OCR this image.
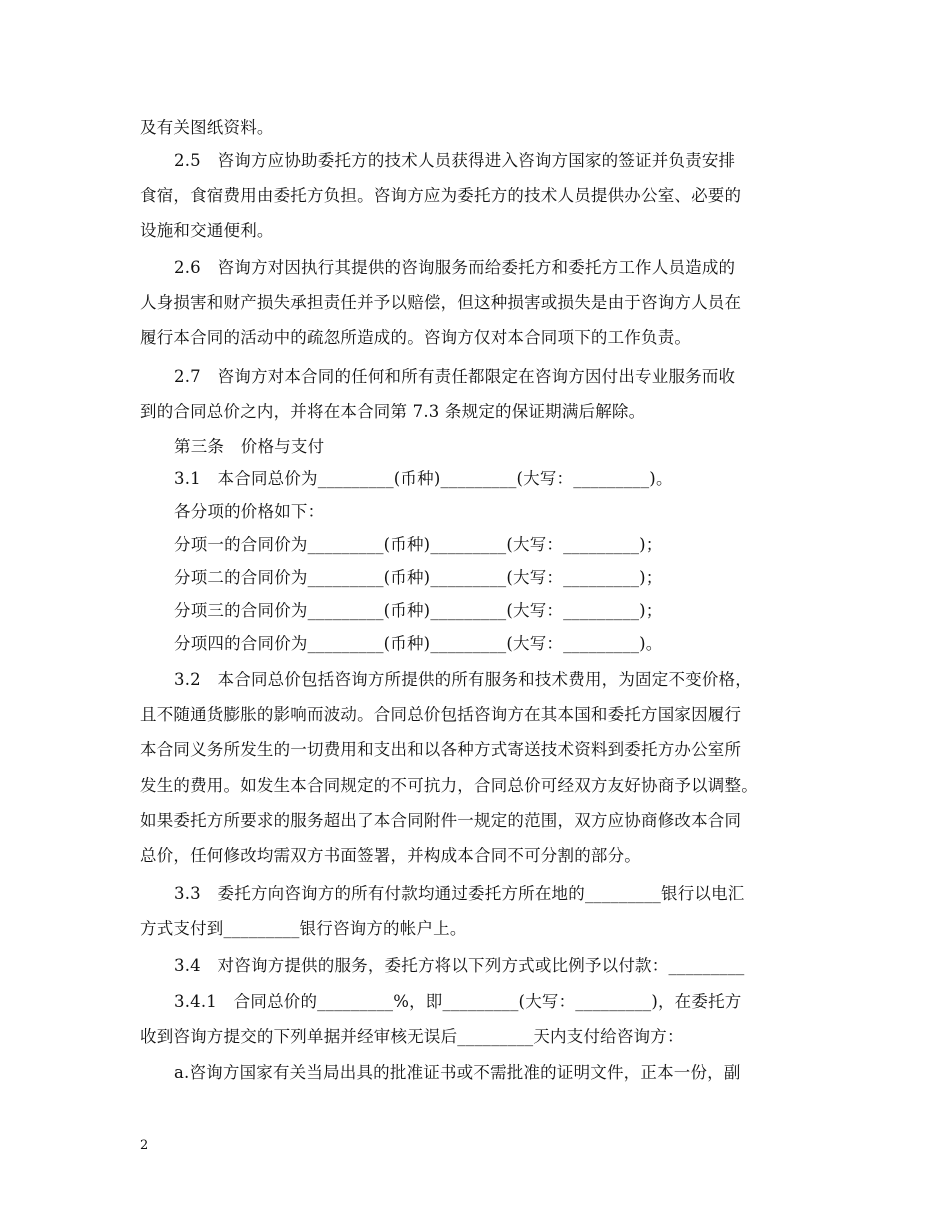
及有关图纸资料。
2.5　咨询方应协助委托方的技术人员获得进入咨询方国家的签证并负责安排
食宿，食宿费用由委托方负担。咨询方应为委托方的技术人员提供办公室、必要的
设施和交通便利。
2.6　咨询方对因执行其提供的咨询服务而给委托方和委托方工作人员造成的
人身损害和财产损失承担责任并予以赔偿，但这种损害或损失是由于咨询方人员在
履行本合同的活动中的疏忽所造成的。咨询方仅对本合同项下的工作负责。
2.7　咨询方对本合同的任何和所有责任都限定在咨询方因付出专业服务而收
到的合同总价之内，并将在本合同第 7.3 条规定的保证期满后解除。
第三条　价格与支付
3.1　本合同总价为_________(币种)_________(大写：_________)。
各分项的价格如下：
分项一的合同价为_________(币种)_________(大写：_________)；
分项二的合同价为_________(币种)_________(大写：_________)；
分项三的合同价为_________(币种)_________(大写：_________)；
分项四的合同价为_________(币种)_________(大写：_________)。
3.2　本合同总价包括咨询方所提供的所有服务和技术费用，为固定不变价格，
且不随通货膨胀的影响而波动。合同总价包括咨询方在其本国和委托方国家因履行
本合同义务所发生的一切费用和支出和以各种方式寄送技术资料到委托方办公室所
发生的费用。如发生本合同规定的不可抗力，合同总价可经双方友好协商予以调整。
如果委托方所要求的服务超出了本合同附件一规定的范围，双方应协商修改本合同
总价，任何修改均需双方书面签署，并构成本合同不可分割的部分。
3.3　委托方向咨询方的所有付款均通过委托方所在地的_________银行以电汇
方式支付到_________银行咨询方的帐户上。
3.4　对咨询方提供的服务，委托方将以下列方式或比例予以付款：_________
3.4.1　合同总价的_________%，即_________(大写：_________)，在委托方
收到咨询方提交的下列单据并经审核无误后_________天内支付给咨询方：
a.咨询方国家有关当局出具的批准证书或不需批准的证明文件，正本一份，副
2
